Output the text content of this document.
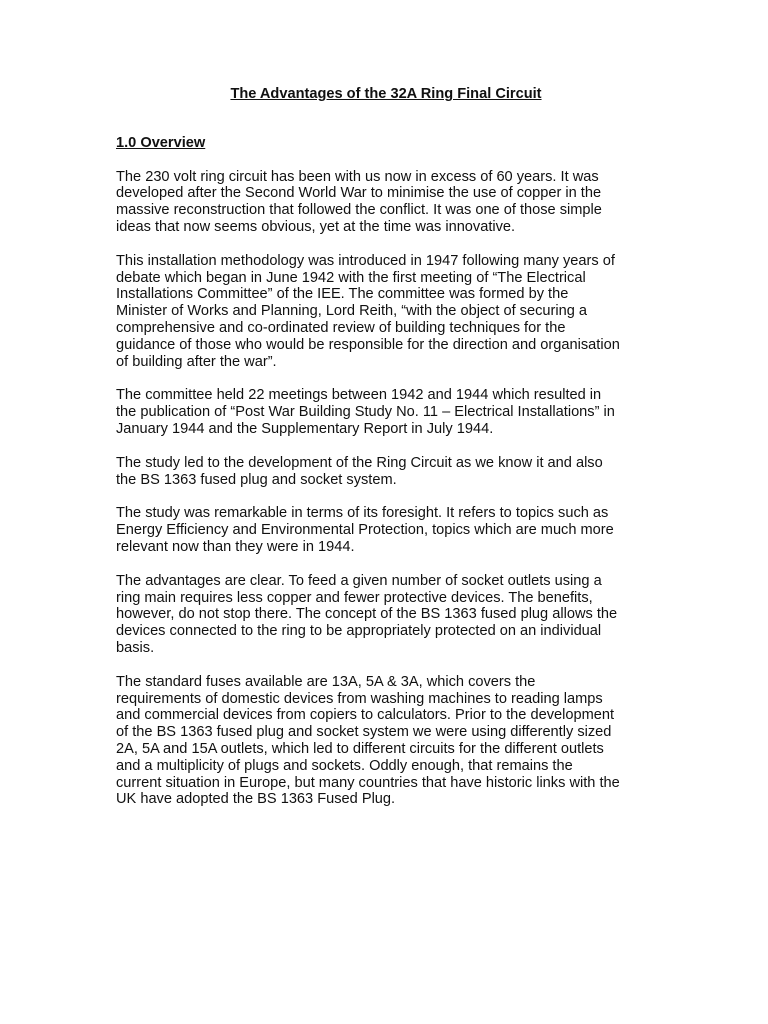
The Advantages of the 32A Ring Final Circuit
1.0 Overview

The 230 volt ring circuit has been with us now in excess of 60 years. It was
developed after the Second World War to minimise the use of copper in the
massive reconstruction that followed the conflict. It was one of those simple
ideas that now seems obvious, yet at the time was innovative.

This installation methodology was introduced in 1947 following many years of
debate which began in June 1942 with the first meeting of “The Electrical
Installations Committee” of the IEE. The committee was formed by the
Minister of Works and Planning, Lord Reith, “with the object of securing a
comprehensive and co-ordinated review of building techniques for the
guidance of those who would be responsible for the direction and organisation
of building after the war”.

The committee held 22 meetings between 1942 and 1944 which resulted in
the publication of “Post War Building Study No. 11 – Electrical Installations” in
January 1944 and the Supplementary Report in July 1944.

The study led to the development of the Ring Circuit as we know it and also
the BS 1363 fused plug and socket system.

The study was remarkable in terms of its foresight. It refers to topics such as
Energy Efficiency and Environmental Protection, topics which are much more
relevant now than they were in 1944.

The advantages are clear. To feed a given number of socket outlets using a
ring main requires less copper and fewer protective devices. The benefits,
however, do not stop there. The concept of the BS 1363 fused plug allows the
devices connected to the ring to be appropriately protected on an individual
basis.

The standard fuses available are 13A, 5A & 3A, which covers the
requirements of domestic devices from washing machines to reading lamps
and commercial devices from copiers to calculators. Prior to the development
of the BS 1363 fused plug and socket system we were using differently sized
2A, 5A and 15A outlets, which led to different circuits for the different outlets
and a multiplicity of plugs and sockets. Oddly enough, that remains the
current situation in Europe, but many countries that have historic links with the
UK have adopted the BS 1363 Fused Plug.
